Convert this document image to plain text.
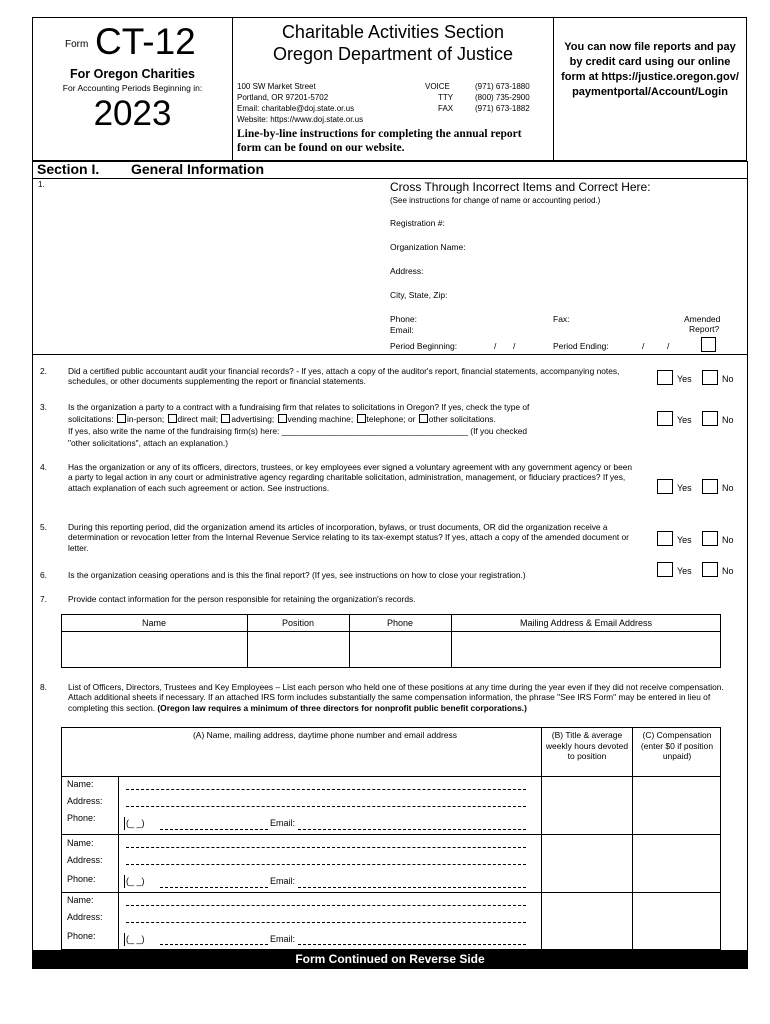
Form CT-12
For Oregon Charities
For Accounting Periods Beginning in:
2023
Charitable Activities Section
Oregon Department of Justice
100 SW Market Street
Portland, OR 97201-5702
Email: charitable@doj.state.or.us
Website: https://www.doj.state.or.us
VOICE	(971) 673-1880
TTY	(800) 735-2900
FAX	(971) 673-1882
Line-by-line instructions for completing the annual report form can be found on our website.
You can now file reports and pay by credit card using our online form at https://justice.oregon.gov/ paymentportal/Account/Login
Section I. General Information
1.	Cross Through Incorrect Items and Correct Here:
(See instructions for change of name or accounting period.)
Registration #:
Organization Name:
Address:
City, State, Zip:
Phone:
Email:
Fax:	Amended
Report?
Period Beginning:	/ /	Period Ending:	/	/
2.	Did a certified public accountant audit your financial records? - If yes, attach a copy of the auditor's report, financial statements, accompanying notes, schedules, or other documents supplementing the report or financial statements.	Yes	No
3.	Is the organization a party to a contract with a fundraising firm that relates to solicitations in Oregon? If yes, check the type of
solicitations: in-person; direct mail; advertising; vending machine; telephone; or other solicitations.
If yes, also write the name of the fundraising firm(s) here: ________________________________________ (If you checked
"other solicitations", attach an explanation.)
Yes	No
4.	Has the organization or any of its officers, directors, trustees, or key employees ever signed a voluntary agreement with any government agency or been a party to legal action in any court or administrative agency regarding charitable solicitation, administration, management, or fiduciary practices? If yes, attach explanation of each such agreement or action. See instructions.	Yes	No
5.	During this reporting period, did the organization amend its articles of incorporation, bylaws, or trust documents, OR did the organization receive a determination or revocation letter from the Internal Revenue Service relating to its tax-exempt status? If yes, attach a copy of the amended document or letter.
Yes	No
6.	Is the organization ceasing operations and is this the final report? (If yes, see instructions on how to close your registration.)	Yes	No
7.	Provide contact information for the person responsible for retaining the organization's records.
Name	Position	Phone	Mailing Address & Email Address
8.	List of Officers, Directors, Trustees and Key Employees – List each person who held one of these positions at any time during the year even if they did not receive compensation. Attach additional sheets if necessary. If an attached IRS form includes substantially the same compensation information, the phrase "See IRS Form" may be entered in lieu of completing this section. (Oregon law requires a minimum of three directors for nonprofit public benefit corporations.)
(A) Name, mailing address, daytime phone number and email address	(B) Title & average weekly hours devoted to position
(C) Compensation (enter $0 if position unpaid)
Name:
Address:
Phone:	(_ _)	Email:
Name:
Address:
Phone:	(_ _)	Email:
Name:
Address:
Phone:	(_ _)	Email:
Form Continued on Reverse Side
